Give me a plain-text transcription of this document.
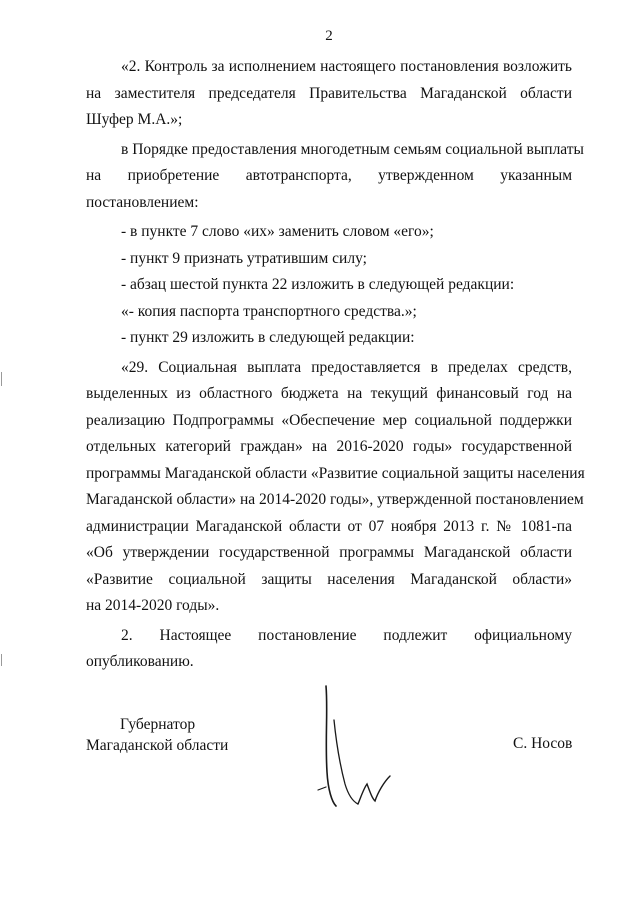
2
«2. Контроль за исполнением настоящего постановления возложить
на заместителя председателя Правительства Магаданской области
Шуфер М.А.»;
в Порядке предоставления многодетным семьям социальной выплаты
на приобретение автотранспорта, утвержденном указанным
постановлением:
- в пункте 7 слово «их» заменить словом «его»;
- пункт 9 признать утратившим силу;
- абзац шестой пункта 22 изложить в следующей редакции:
«- копия паспорта транспортного средства.»;
- пункт 29 изложить в следующей редакции:
«29. Социальная выплата предоставляется в пределах средств,
выделенных из областного бюджета на текущий финансовый год на
реализацию Подпрограммы «Обеспечение мер социальной поддержки
отдельных категорий граждан» на 2016-2020 годы» государственной
программы Магаданской области «Развитие социальной защиты населения
Магаданской области» на 2014-2020 годы», утвержденной постановлением
администрации Магаданской области от 07 ноября 2013 г. № 1081-па
«Об утверждении государственной программы Магаданской области
«Развитие социальной защиты населения Магаданской области»
на 2014-2020 годы».
2. Настоящее постановление подлежит официальному
опубликованию.
Губернатор
Магаданской области	С. Носов
